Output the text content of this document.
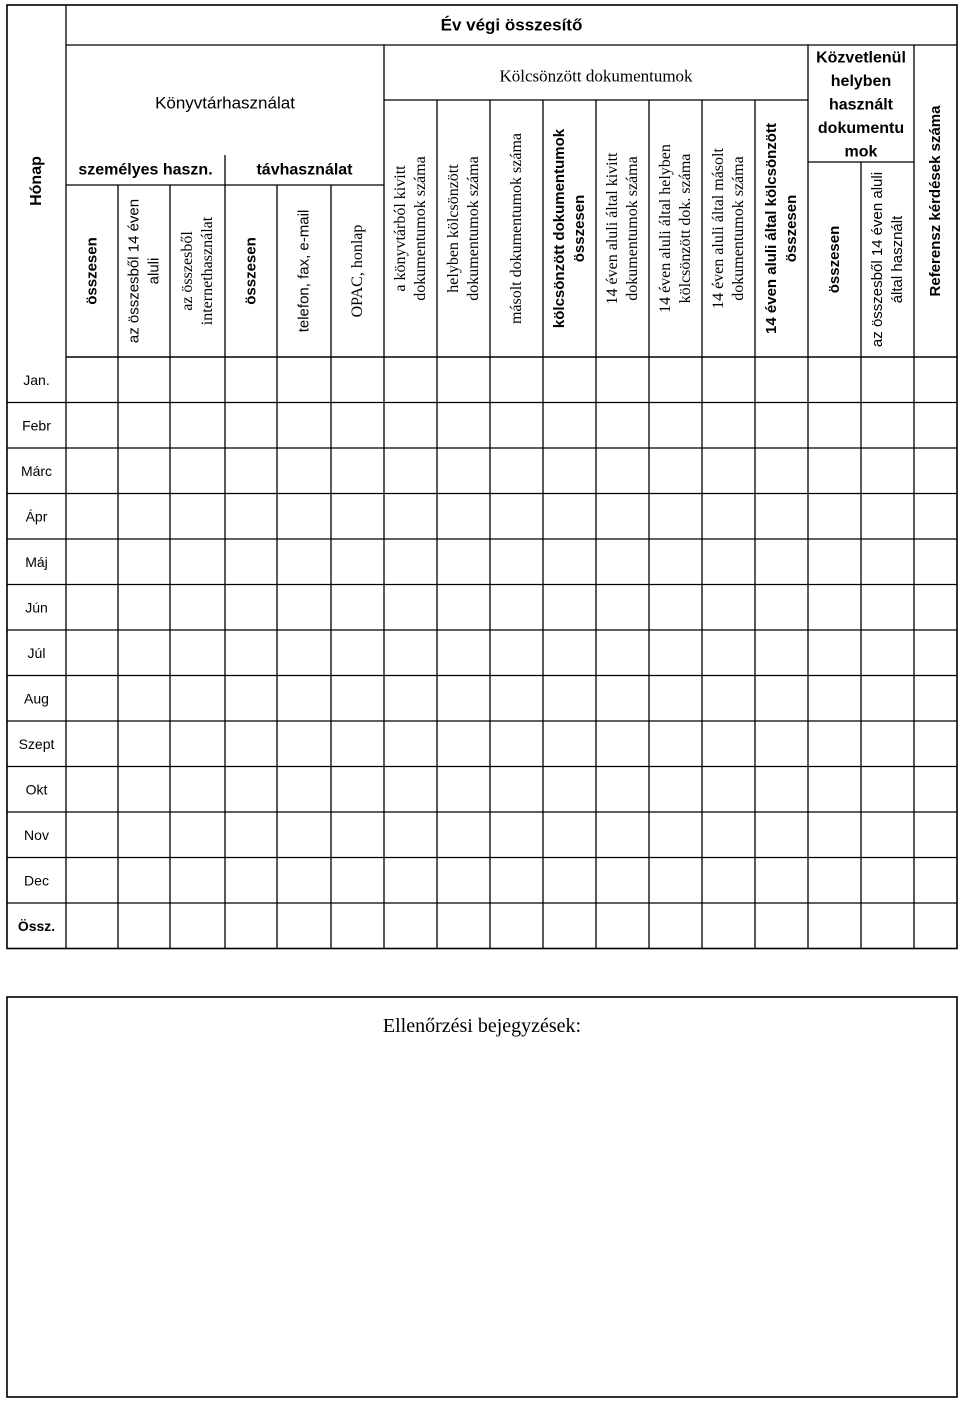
Év végi összesítő
Hónap
Könyvtárhasználat
személyes haszn.	távhasználat
Kölcsönzött dokumentumok
Közvetlenül
helyben
használt
dokumentu
mok
összesen az összesből 14 éven aluli az összesből internethasználat összesen telefon, fax, e-mail OPAC, honlap a könyvtárból kivitt dokumentumok száma helyben kölcsönzött dokumentumok száma másolt dokumentumok száma kölcsönzött dokumentumok összesen 14 éven aluli által kivitt dokumentumok száma 14 éven aluli által helyben kölcsönzött dok. száma 14 éven aluli által másolt dokumentumok száma 14 éven aluli által kölcsönzött összesen összesen az összesből 14 éven aluli által használt Referensz kérdések száma
Jan.
Febr
Márc
Ápr
Máj
Jún
Júl
Aug
Szept
Okt
Nov
Dec
Össz.
Ellenőrzési bejegyzések:
